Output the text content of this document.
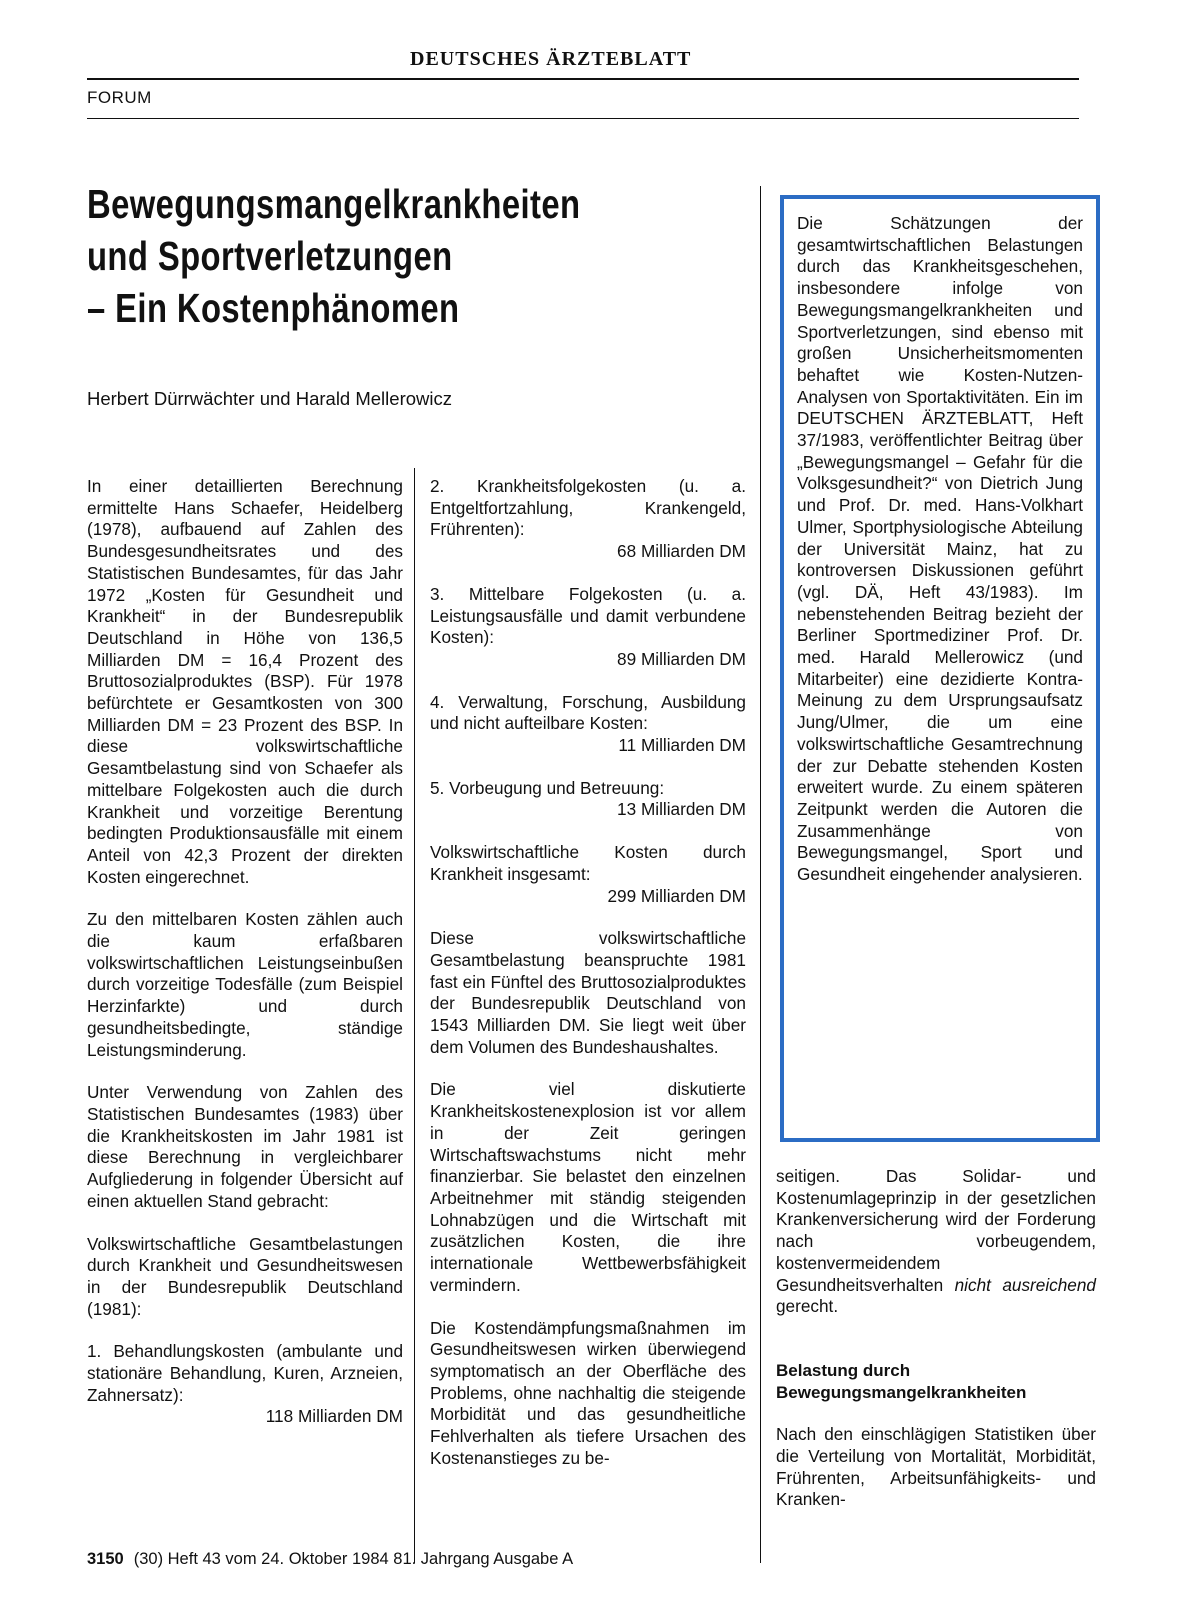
DEUTSCHES ÄRZTEBLATT
FORUM
Bewegungsmangelkrankheiten
und Sportverletzungen
– Ein Kostenphänomen
Herbert Dürrwächter und Harald Mellerowicz

In einer detaillierten Berechnung ermittelte Hans Schaefer, Heidelberg (1978), aufbauend auf Zahlen des Bundesgesundheitsrates und des Statistischen Bundesamtes, für das Jahr 1972 „Kosten für Gesundheit und Krankheit“ in der Bundesrepublik Deutschland in Höhe von 136,5 Milliarden DM = 16,4 Prozent des Bruttosozialproduktes (BSP). Für 1978 befürchtete er Gesamtkosten von 300 Milliarden DM = 23 Prozent des BSP. In diese volkswirtschaftliche Gesamtbelastung sind von Schaefer als mittelbare Folgekosten auch die durch Krankheit und vorzeitige Berentung bedingten Produktionsausfälle mit einem Anteil von 42,3 Prozent der direkten Kosten eingerechnet.

Zu den mittelbaren Kosten zählen auch die kaum erfaßbaren volkswirtschaftlichen Leistungseinbußen durch vorzeitige Todesfälle (zum Beispiel Herzinfarkte) und durch gesundheitsbedingte, ständige Leistungsminderung.

Unter Verwendung von Zahlen des Statistischen Bundesamtes (1983) über die Krankheitskosten im Jahr 1981 ist diese Berechnung in vergleichbarer Aufgliederung in folgender Übersicht auf einen aktuellen Stand gebracht:

Volkswirtschaftliche Gesamtbelastungen durch Krankheit und Gesundheitswesen in der Bundesrepublik Deutschland (1981):

1. Behandlungskosten (ambulante und stationäre Behandlung, Kuren, Arzneien, Zahnersatz):
118 Milliarden DM

2. Krankheitsfolgekosten (u. a. Entgeltfortzahlung, Krankengeld, Frührenten):
68 Milliarden DM

3. Mittelbare Folgekosten (u. a. Leistungsausfälle und damit verbundene Kosten):
89 Milliarden DM

4. Verwaltung, Forschung, Ausbildung und nicht aufteilbare Kosten:
11 Milliarden DM

5. Vorbeugung und Betreuung:
13 Milliarden DM

Volkswirtschaftliche Kosten durch Krankheit insgesamt:
299 Milliarden DM

Diese volkswirtschaftliche Gesamtbelastung beanspruchte 1981 fast ein Fünftel des Bruttosozialproduktes der Bundesrepublik Deutschland von 1543 Milliarden DM. Sie liegt weit über dem Volumen des Bundeshaushaltes.

Die viel diskutierte Krankheitskostenexplosion ist vor allem in der Zeit geringen Wirtschaftswachstums nicht mehr finanzierbar. Sie belastet den einzelnen Arbeitnehmer mit ständig steigenden Lohnabzügen und die Wirtschaft mit zusätzlichen Kosten, die ihre internationale Wettbewerbsfähigkeit vermindern.

Die Kostendämpfungsmaßnahmen im Gesundheitswesen wirken überwiegend symptomatisch an der Oberfläche des Problems, ohne nachhaltig die steigende Morbidität und das gesundheitliche Fehlverhalten als tiefere Ursachen des Kostenanstieges zu be-

Die Schätzungen der gesamtwirtschaftlichen Belastungen durch das Krankheitsgeschehen, insbesondere infolge von Bewegungsmangelkrankheiten und Sportverletzungen, sind ebenso mit großen Unsicherheitsmomenten behaftet wie Kosten-Nutzen-Analysen von Sportaktivitäten. Ein im DEUTSCHEN ÄRZTEBLATT, Heft 37/1983, veröffentlichter Beitrag über „Bewegungsmangel – Gefahr für die Volksgesundheit?“ von Dietrich Jung und Prof. Dr. med. Hans-Volkhart Ulmer, Sportphysiologische Abteilung der Universität Mainz, hat zu kontroversen Diskussionen geführt (vgl. DÄ, Heft 43/1983). Im nebenstehenden Beitrag bezieht der Berliner Sportmediziner Prof. Dr. med. Harald Mellerowicz (und Mitarbeiter) eine dezidierte Kontra-Meinung zu dem Ursprungsaufsatz Jung/Ulmer, die um eine volkswirtschaftliche Gesamtrechnung der zur Debatte stehenden Kosten erweitert wurde. Zu einem späteren Zeitpunkt werden die Autoren die Zusammenhänge von Bewegungsmangel, Sport und Gesundheit eingehender analysieren.

seitigen. Das Solidar- und Kostenumlageprinzip in der gesetzlichen Krankenversicherung wird der Forderung nach vorbeugendem, kostenvermeidendem Gesundheitsverhalten nicht ausreichend gerecht.

Belastung durch Bewegungsmangelkrankheiten

Nach den einschlägigen Statistiken über die Verteilung von Mortalität, Morbidität, Frührenten, Arbeitsunfähigkeits- und Kranken-

3150 (30) Heft 43 vom 24. Oktober 1984 81. Jahrgang Ausgabe A
